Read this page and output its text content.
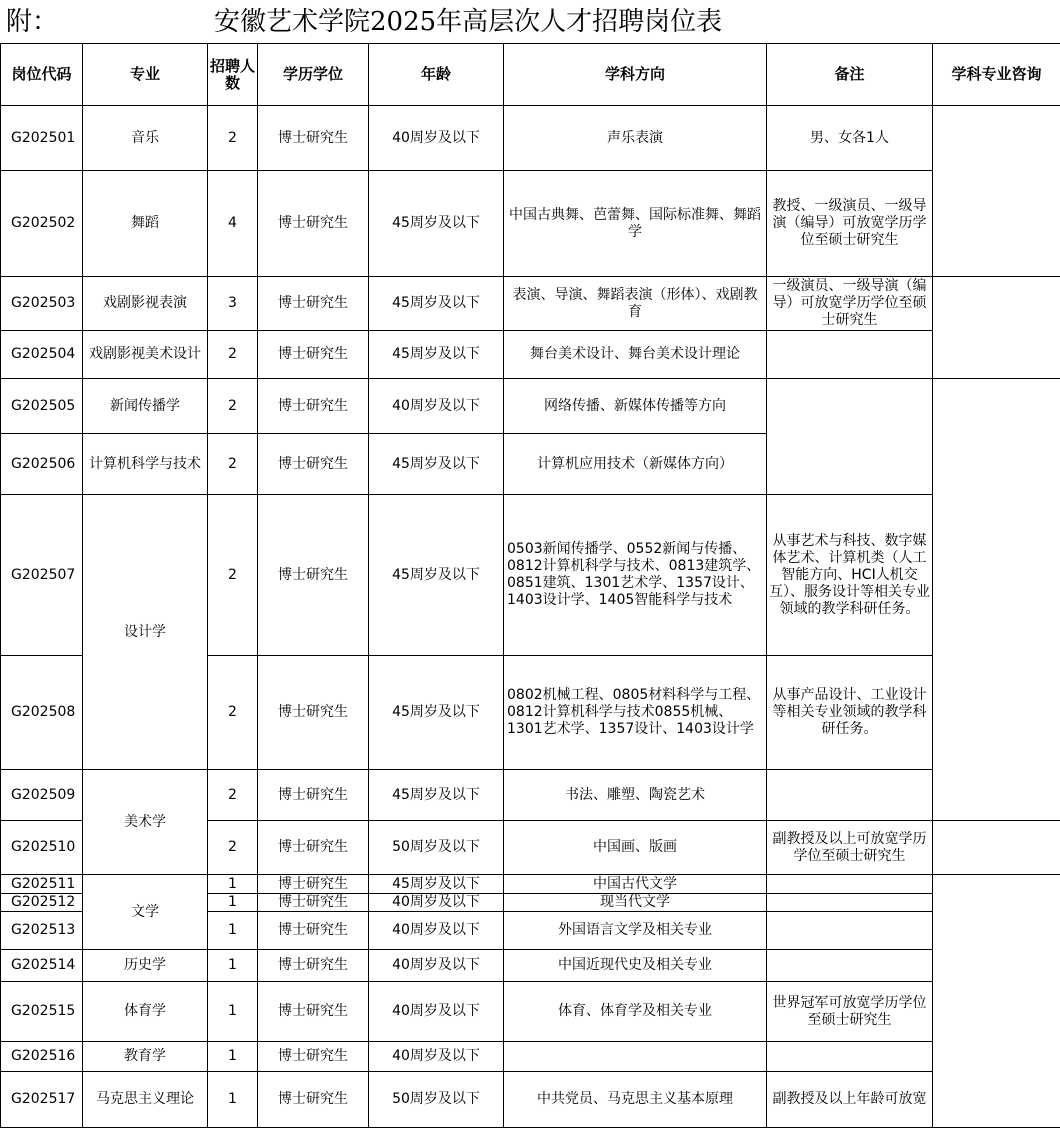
附：	安徽艺术学院2025年高层次人才招聘岗位表
岗位代码	专业	招聘人数	学历学位	年龄	学科方向	备注	学科专业咨询	
G202501	音乐	2	博士研究生	40周岁及以下	声乐表演	男、女各1人		
G202502	舞蹈	4	博士研究生	45周岁及以下	中国古典舞、芭蕾舞、国际标准舞、舞蹈学	教授、一级演员、一级导演（编导）可放宽学历学位至硕士研究生		
G202503	戏剧影视表演	3	博士研究生	45周岁及以下	表演、导演、舞蹈表演（形体）、戏剧教育	一级演员、一级导演（编导）可放宽学历学位至硕士研究生		
G202504	戏剧影视美术设计	2	博士研究生	45周岁及以下	舞台美术设计、舞台美术设计理论			
G202505	新闻传播学	2	博士研究生	40周岁及以下	网络传播、新媒体传播等方向			
G202506	计算机科学与技术	2	博士研究生	45周岁及以下	计算机应用技术（新媒体方向）			
G202507	设计学	2	博士研究生	45周岁及以下	0503新闻传播学、0552新闻与传播、0812计算机科学与技术、0813建筑学、0851建筑、1301艺术学、1357设计、1403设计学、1405智能科学与技术	从事艺术与科技、数字媒体艺术、计算机类（人工智能方向、HCI人机交互）、服务设计等相关专业领域的教学科研任务。		
G202508		2	博士研究生	45周岁及以下	0802机械工程、0805材料科学与工程、0812计算机科学与技术0855机械、1301艺术学、1357设计、1403设计学	从事产品设计、工业设计等相关专业领域的教学科研任务。		
G202509	美术学	2	博士研究生	45周岁及以下	书法、雕塑、陶瓷艺术			
G202510		2	博士研究生	50周岁及以下	中国画、版画	副教授及以上可放宽学历学位至硕士研究生		
G202511	文学	1	博士研究生	45周岁及以下	中国古代文学			
G202512		1	博士研究生	40周岁及以下	现当代文学			
G202513		1	博士研究生	40周岁及以下	外国语言文学及相关专业			
G202514	历史学	1	博士研究生	40周岁及以下	中国近现代史及相关专业			
G202515	体育学	1	博士研究生	40周岁及以下	体育、体育学及相关专业	世界冠军可放宽学历学位至硕士研究生		
G202516	教育学	1	博士研究生	40周岁及以下				
G202517	马克思主义理论	1	博士研究生	50周岁及以下	中共党员、马克思主义基本原理	副教授及以上年龄可放宽		
